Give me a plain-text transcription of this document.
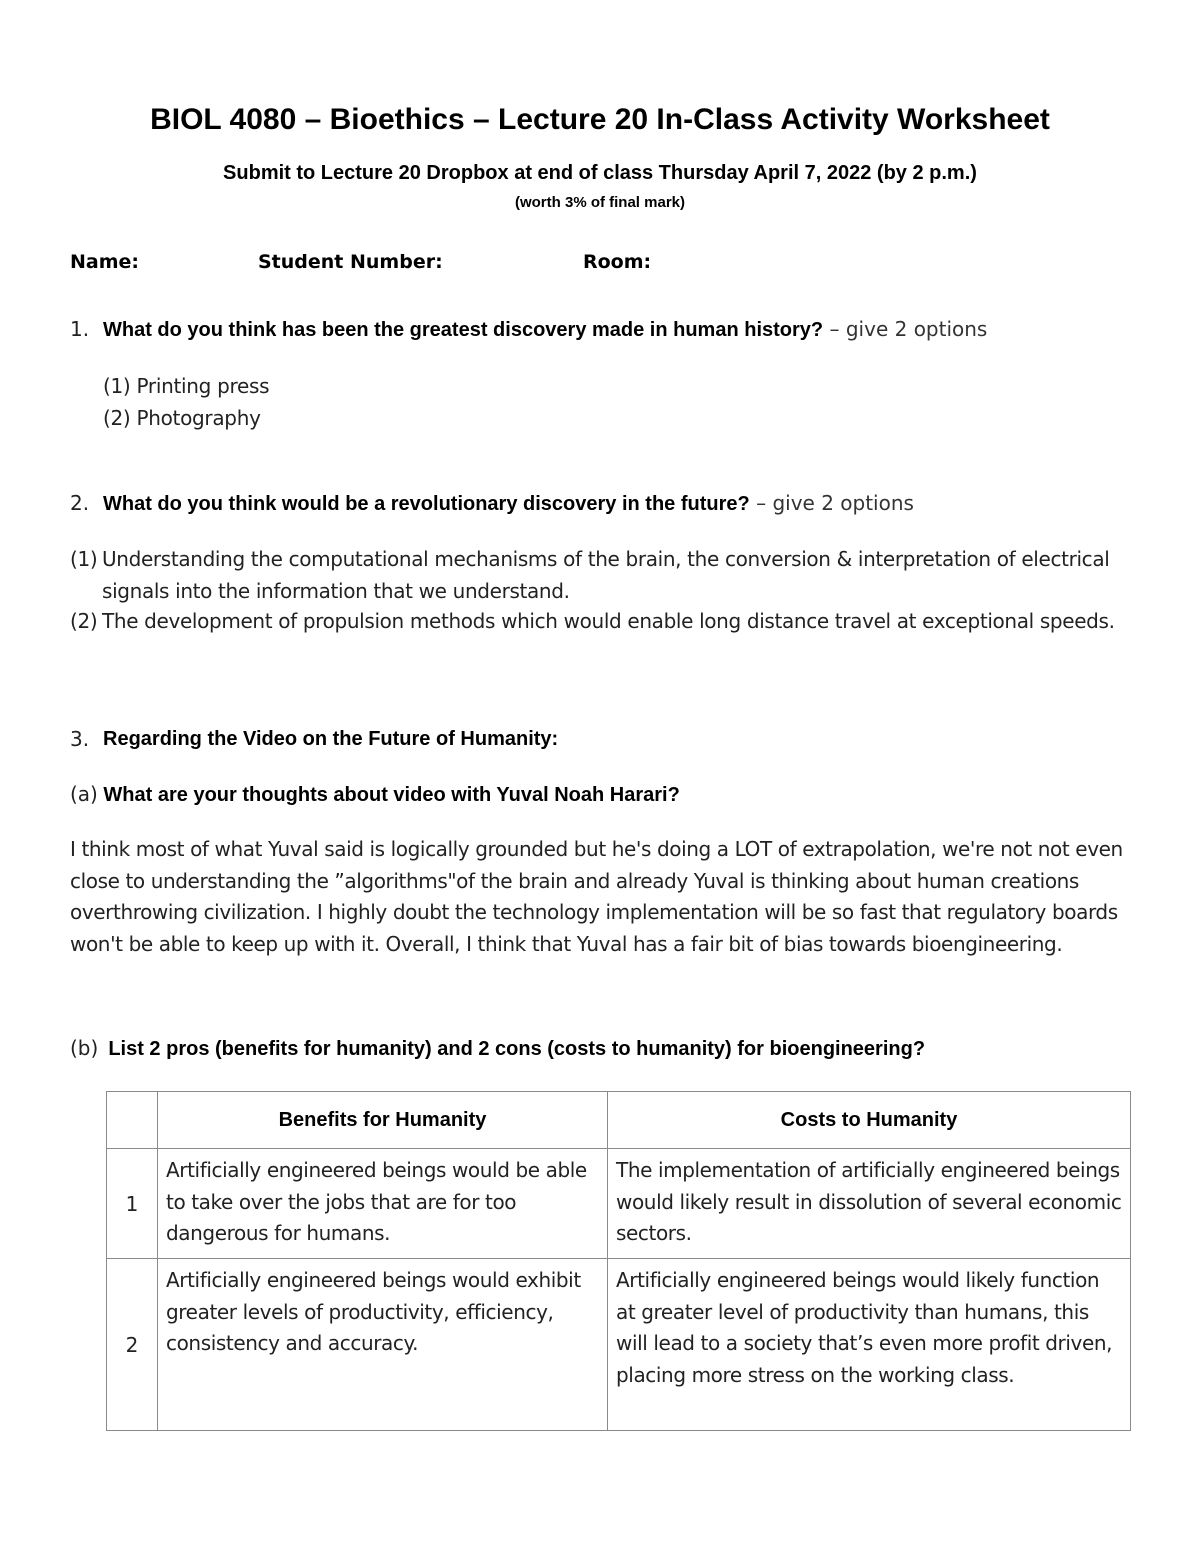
BIOL 4080 – Bioethics – Lecture 20 In-Class Activity Worksheet
Submit to Lecture 20 Dropbox at end of class Thursday April 7, 2022 (by 2 p.m.)
(worth 3% of final mark)
Name:	Student Number:	Room:
1. What do you think has been the greatest discovery made in human history? – give 2 options
(1) Printing press
(2) Photography
2. What do you think would be a revolutionary discovery in the future? – give 2 options
(1) Understanding the computational mechanisms of the brain, the conversion & interpretation of electrical signals into the information that we understand.
(2) The development of propulsion methods which would enable long distance travel at exceptional speeds.
3. Regarding the Video on the Future of Humanity:
(a) What are your thoughts about video with Yuval Noah Harari?
I think most of what Yuval said is logically grounded but he's doing a LOT of extrapolation, we're not not even close to understanding the ”algorithms"of the brain and already Yuval is thinking about human creations overthrowing civilization. I highly doubt the technology implementation will be so fast that regulatory boards won't be able to keep up with it. Overall, I think that Yuval has a fair bit of bias towards bioengineering.
(b) List 2 pros (benefits for humanity) and 2 cons (costs to humanity) for bioengineering?
	Benefits for Humanity	Costs to Humanity
1	Artificially engineered beings would be able to take over the jobs that are for too dangerous for humans.	The implementation of artificially engineered beings would likely result in dissolution of several economic sectors.
2	Artificially engineered beings would exhibit greater levels of productivity, efficiency, consistency and accuracy.	Artificially engineered beings would likely function at greater level of productivity than humans, this will lead to a society that’s even more profit driven, placing more stress on the working class.
